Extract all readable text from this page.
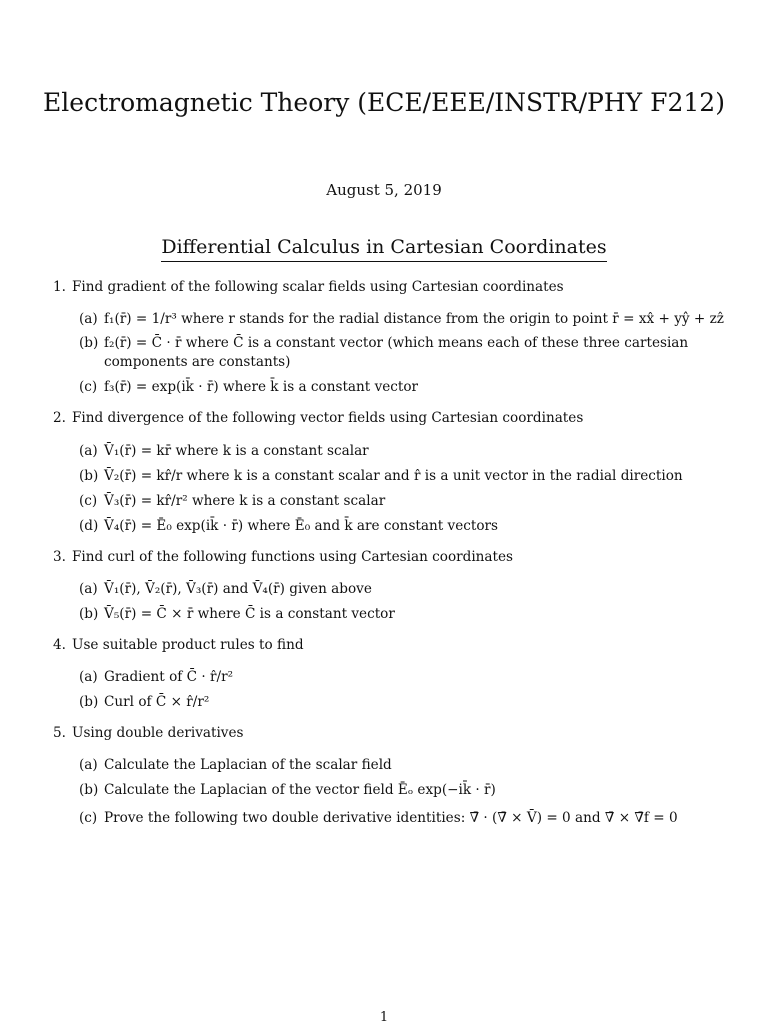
Electromagnetic Theory (ECE/EEE/INSTR/PHY F212)
August 5, 2019
Differential Calculus in Cartesian Coordinates
1. Find gradient of the following scalar fields using Cartesian coordinates
(a) f₁(r̄) = 1/r³ where r stands for the radial distance from the origin to point r̄ = xx̂ + yŷ + zẑ
(b) f₂(r̄) = C̄ · r̄ where C̄ is a constant vector (which means each of these three cartesian components are constants)
(c) f₃(r̄) = exp(ik̄ · r̄) where k̄ is a constant vector
2. Find divergence of the following vector fields using Cartesian coordinates
(a) V̄₁(r̄) = kr̄ where k is a constant scalar
(b) V̄₂(r̄) = kr̂/r where k is a constant scalar and r̂ is a unit vector in the radial direction
(c) V̄₃(r̄) = kr̂/r² where k is a constant scalar
(d) V̄₄(r̄) = Ē₀ exp(ik̄ · r̄) where Ē₀ and k̄ are constant vectors
3. Find curl of the following functions using Cartesian coordinates
(a) V̄₁(r̄), V̄₂(r̄), V̄₃(r̄) and V̄₄(r̄) given above
(b) V̄₅(r̄) = C̄ × r̄ where C̄ is a constant vector
4. Use suitable product rules to find
(a) Gradient of C̄ · r̂/r²
(b) Curl of C̄ × r̂/r²
5. Using double derivatives
(a) Calculate the Laplacian of the scalar field
(b) Calculate the Laplacian of the vector field Ēₒ exp(−ik̄ · r̄)
(c) Prove the following two double derivative identities: ∇̄ · (∇̄ × V̄) = 0 and ∇̄ × ∇̄f = 0
1
